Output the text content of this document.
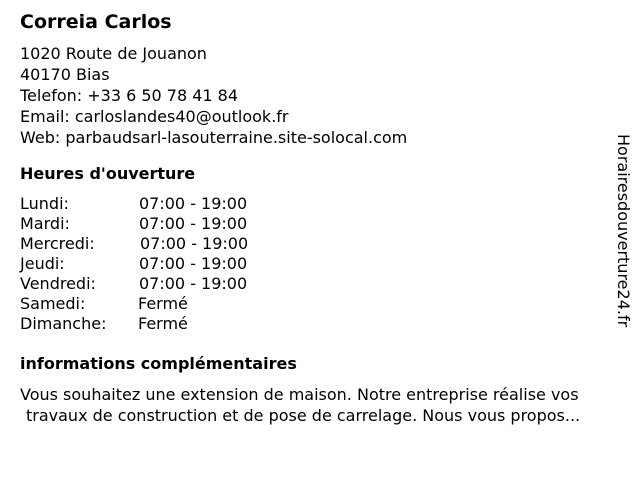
Correia Carlos
1020 Route de Jouanon
40170 Bias
Telefon: +33 6 50 78 41 84
Email: carloslandes40@outlook.fr
Web: parbaudsarl-lasouterraine.site-solocal.com
Heures d'ouverture
Lundi:	07:00 - 19:00
Mardi:	07:00 - 19:00
Mercredi:	07:00 - 19:00
Jeudi:	07:00 - 19:00
Vendredi:	07:00 - 19:00
Samedi:	Fermé
Dimanche: Fermé
informations complémentaires
Vous souhaitez une extension de maison. Notre entreprise réalise vos
travaux de construction et de pose de carrelage. Nous vous propos...
Horairesdouverture24.fr
